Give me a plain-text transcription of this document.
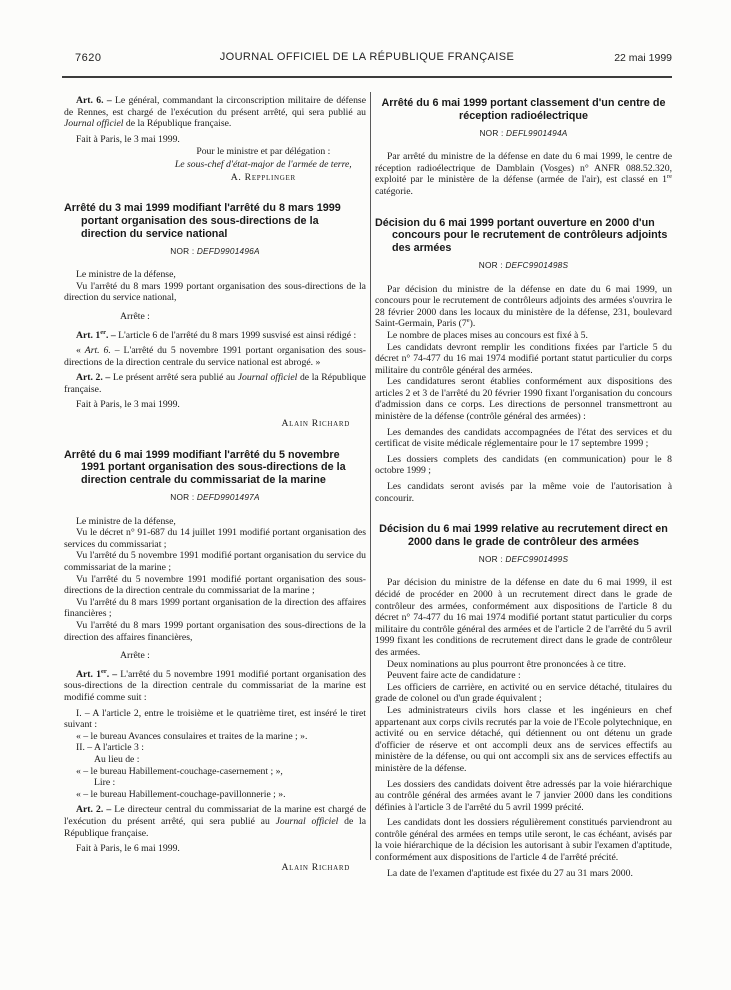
7620	JOURNAL OFFICIEL DE LA RÉPUBLIQUE FRANÇAISE	22 mai 1999
Art. 6. – Le général, commandant la circonscription militaire de défense de Rennes, est chargé de l'exécution du présent arrêté, qui sera publié au Journal officiel de la République française.
Fait à Paris, le 3 mai 1999.
Pour le ministre et par délégation :
Le sous-chef d'état-major de l'armée de terre,
A. Repplinger
Arrêté du 3 mai 1999 modifiant l'arrêté du 8 mars 1999 portant organisation des sous-directions de la direction du service national
NOR : DEFD9901496A
Le ministre de la défense,
Vu l'arrêté du 8 mars 1999 portant organisation des sous-directions de la direction du service national,
Arrête :
Art. 1er. – L'article 6 de l'arrêté du 8 mars 1999 susvisé est ainsi rédigé :
« Art. 6. – L'arrêté du 5 novembre 1991 portant organisation des sous-directions de la direction centrale du service national est abrogé. »
Art. 2. – Le présent arrêté sera publié au Journal officiel de la République française.
Fait à Paris, le 3 mai 1999.
Alain Richard
Arrêté du 6 mai 1999 modifiant l'arrêté du 5 novembre 1991 portant organisation des sous-directions de la direction centrale du commissariat de la marine
NOR : DEFD9901497A
Le ministre de la défense,
Vu le décret n° 91-687 du 14 juillet 1991 modifié portant organisation des services du commissariat ;
Vu l'arrêté du 5 novembre 1991 modifié portant organisation du service du commissariat de la marine ;
Vu l'arrêté du 5 novembre 1991 modifié portant organisation des sous-directions de la direction centrale du commissariat de la marine ;
Vu l'arrêté du 8 mars 1999 portant organisation de la direction des affaires financières ;
Vu l'arrêté du 8 mars 1999 portant organisation des sous-directions de la direction des affaires financières,
Arrête :
Art. 1er. – L'arrêté du 5 novembre 1991 modifié portant organisation des sous-directions de la direction centrale du commissariat de la marine est modifié comme suit :
I. – A l'article 2, entre le troisième et le quatrième tiret, est inséré le tiret suivant :
« – le bureau Avances consulaires et traites de la marine ; ».
II. – A l'article 3 :
Au lieu de :
« – le bureau Habillement-couchage-casernement ; »,
Lire :
« – le bureau Habillement-couchage-pavillonnerie ; ».
Art. 2. – Le directeur central du commissariat de la marine est chargé de l'exécution du présent arrêté, qui sera publié au Journal officiel de la République française.
Fait à Paris, le 6 mai 1999.
Alain Richard
Arrêté du 6 mai 1999 portant classement d'un centre de réception radioélectrique
NOR : DEFL9901494A
Par arrêté du ministre de la défense en date du 6 mai 1999, le centre de réception radioélectrique de Damblain (Vosges) n° ANFR 088.52.320, exploité par le ministère de la défense (armée de l'air), est classé en 1re catégorie.
Décision du 6 mai 1999 portant ouverture en 2000 d'un concours pour le recrutement de contrôleurs adjoints des armées
NOR : DEFC9901498S
Par décision du ministre de la défense en date du 6 mai 1999, un concours pour le recrutement de contrôleurs adjoints des armées s'ouvrira le 28 février 2000 dans les locaux du ministère de la défense, 231, boulevard Saint-Germain, Paris (7e).
Le nombre de places mises au concours est fixé à 5.
Les candidats devront remplir les conditions fixées par l'article 5 du décret n° 74-477 du 16 mai 1974 modifié portant statut particulier du corps militaire du contrôle général des armées.
Les candidatures seront établies conformément aux dispositions des articles 2 et 3 de l'arrêté du 20 février 1990 fixant l'organisation du concours d'admission dans ce corps. Les directions de personnel transmettront au ministère de la défense (contrôle général des armées) :
Les demandes des candidats accompagnées de l'état des services et du certificat de visite médicale réglementaire pour le 17 septembre 1999 ;
Les dossiers complets des candidats (en communication) pour le 8 octobre 1999 ;
Les candidats seront avisés par la même voie de l'autorisation à concourir.
Décision du 6 mai 1999 relative au recrutement direct en 2000 dans le grade de contrôleur des armées
NOR : DEFC9901499S
Par décision du ministre de la défense en date du 6 mai 1999, il est décidé de procéder en 2000 à un recrutement direct dans le grade de contrôleur des armées, conformément aux dispositions de l'article 8 du décret n° 74-477 du 16 mai 1974 modifié portant statut particulier du corps militaire du contrôle général des armées et de l'article 2 de l'arrêté du 5 avril 1999 fixant les conditions de recrutement direct dans le grade de contrôleur des armées.
Deux nominations au plus pourront être prononcées à ce titre.
Peuvent faire acte de candidature :
Les officiers de carrière, en activité ou en service détaché, titulaires du grade de colonel ou d'un grade équivalent ;
Les administrateurs civils hors classe et les ingénieurs en chef appartenant aux corps civils recrutés par la voie de l'Ecole polytechnique, en activité ou en service détaché, qui détiennent ou ont détenu un grade d'officier de réserve et ont accompli deux ans de services effectifs au ministère de la défense, ou qui ont accompli six ans de services effectifs au ministère de la défense.
Les dossiers des candidats doivent être adressés par la voie hiérarchique au contrôle général des armées avant le 7 janvier 2000 dans les conditions définies à l'article 3 de l'arrêté du 5 avril 1999 précité.
Les candidats dont les dossiers régulièrement constitués parviendront au contrôle général des armées en temps utile seront, le cas échéant, avisés par la voie hiérarchique de la décision les autorisant à subir l'examen d'aptitude, conformément aux dispositions de l'article 4 de l'arrêté précité.
La date de l'examen d'aptitude est fixée du 27 au 31 mars 2000.
